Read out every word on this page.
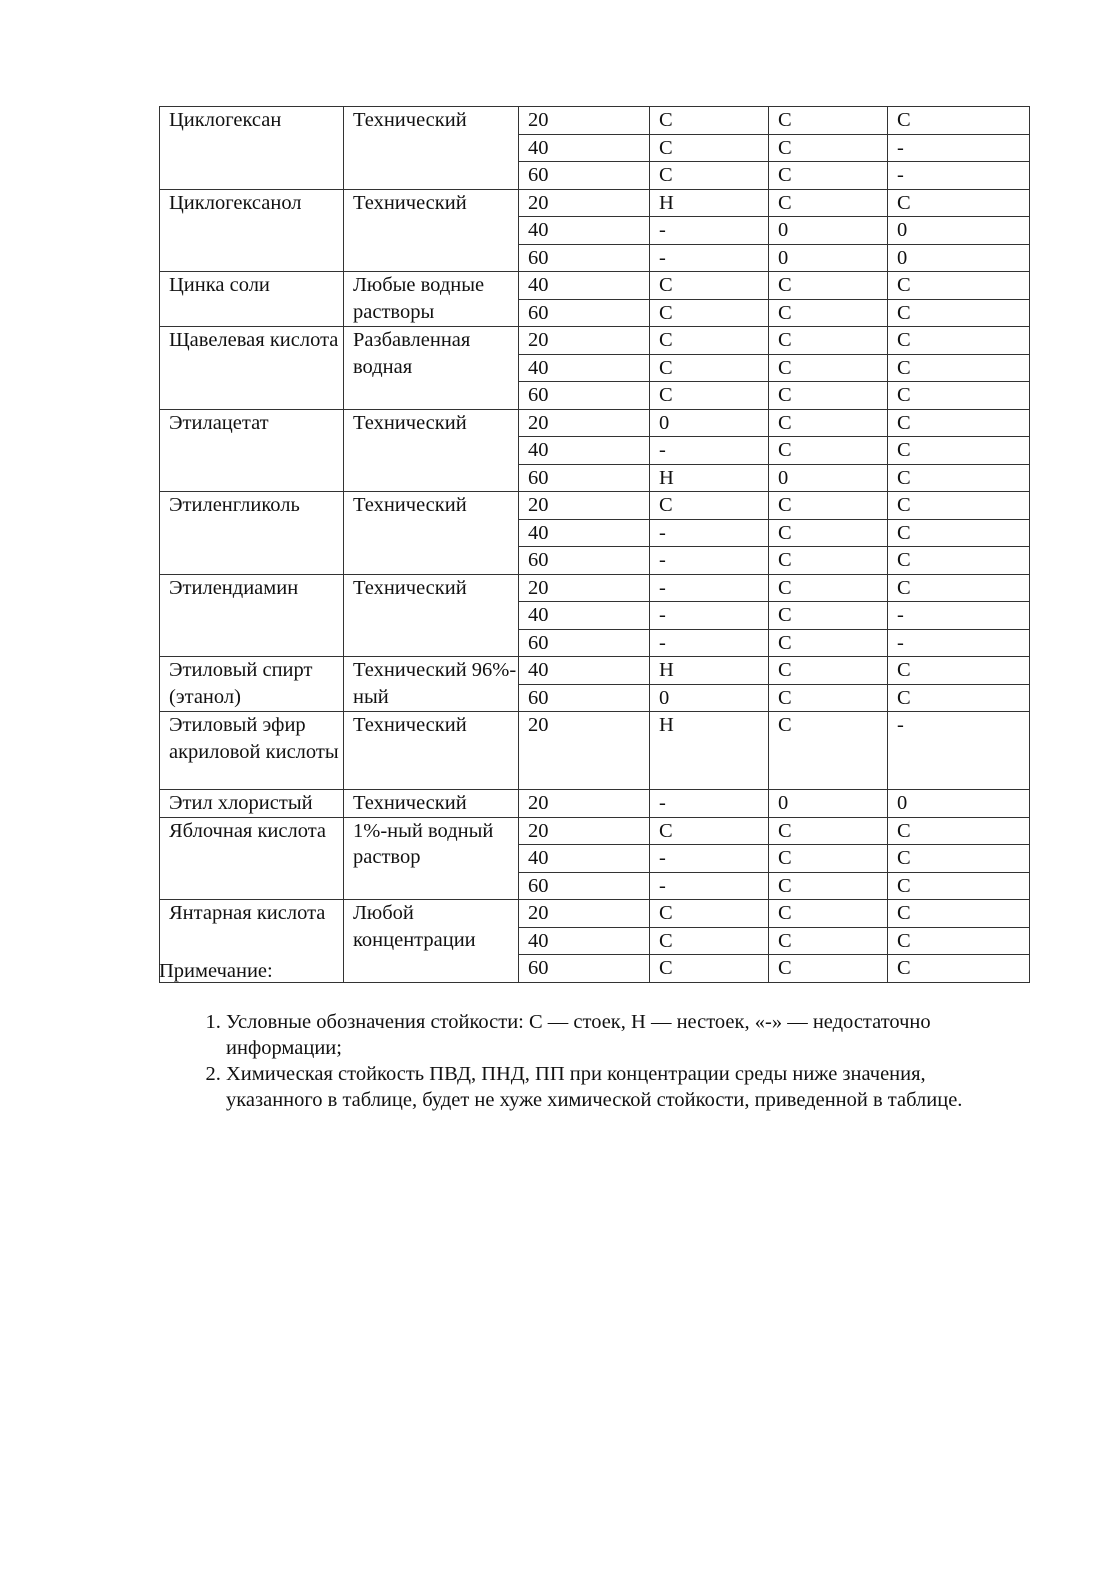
Циклогексан	Технический	20	С	С	С
		40	С	С	-
		60	С	С	-
Циклогексанол	Технический	20	Н	С	С
		40	-	0	0
		60	-	0	0
Цинка соли	Любые водные растворы	40	С	С	С
		60	С	С	С
Щавелевая кислота	Разбавленная водная	20	С	С	С
		40	С	С	С
		60	С	С	С
Этилацетат	Технический	20	0	С	С
		40	-	С	С
		60	Н	0	С
Этиленгликоль	Технический	20	С	С	С
		40	-	С	С
		60	-	С	С
Этилендиамин	Технический	20	-	С	С
		40	-	С	-
		60	-	С	-
Этиловый спирт (этанол)	Технический 96%-ный	40	Н	С	С
		60	0	С	С
Этиловый эфир акриловой кислоты	Технический	20	Н	С	-
Этил хлористый	Технический	20	-	0	0
Яблочная кислота	1%-ный водный раствор	20	С	С	С
		40	-	С	С
		60	-	С	С
Янтарная кислота	Любой концентрации	20	С	С	С
		40	С	С	С
		60	С	С	С
Примечание:
1. Условные обозначения стойкости: С — стоек, Н — нестоек, «-» — недостаточно информации;
2. Химическая стойкость ПВД, ПНД, ПП при концентрации среды ниже значения, указанного в таблице, будет не хуже химической стойкости, приведенной в таблице.
